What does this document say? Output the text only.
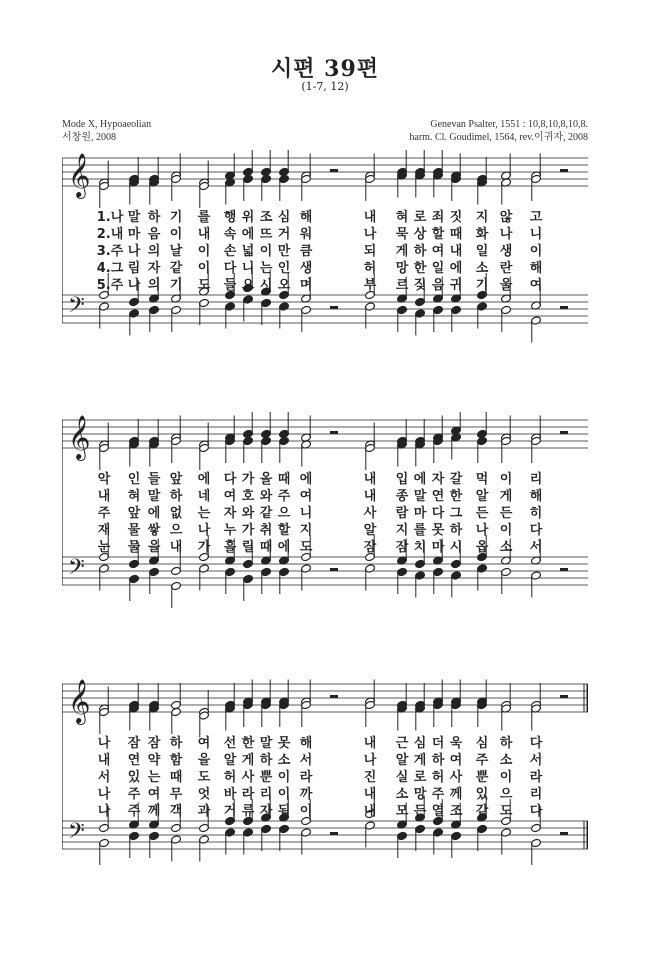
시편 39편
(1-7, 12)
Mode X, Hypoaeolian
서창원, 2008
Genevan Psalter, 1551 : 10,8,10,8,10,8.
harm. Cl. Goudimel, 1564, rev.이귀자, 2008
𝄞
𝄢
1.나 말 하 기 를 행 위 조 심 해	내 혀 로 죄 짓 지 않 고
2.내 마 음 이 내 속 에 뜨 거 워	나 묵 상 할 때 화 나 니
3.주 나 의 날 이 손 넓 이 만 큼	되 게 하 여 내 일 생 이
4.그 림 자 같 이 다 니 는 인 생	허 망 한 일 에 소 란 해
5.주 나 의 기 도 들 으 시 오 며	부 르 짖 음 귀 기 울 여
𝄞
𝄢
악 인 들 앞 에 다 가 올 때 에	내 입 에 자 갈 먹 이 리
내 혀 말 하 네 여 호 와 주 여	내 종 말 연 한 알 게 해
주 앞 에 없 는 자 와 같 으 니	사 람 마 다 그 든 든 히
재 물 쌓 으 나 누 가 취 할 지	알 지 를 못 하 나 이 다
눈 물 을 내 가 흘 릴 때 에 도	잠 잠 치 마 시 옵 소 서
𝄞
𝄢
나 잠 잠 하 여 선 한 말 못 해	내 근 심 더 욱 심 하 다
내 연 약 함 을 알 게 하 소 서	나 알 게 하 여 주 소 서
서 있 는 때 도 허 사 뿐 이 라	진 실 로 허 사 뿐 이 라
나 주 여 무 엇 바 라 리 이 까	내 소 망 주 께 있 으 리
나 주 께 객 과 거 류 자 됨 이	내 모 든 열 조 같 도 다
